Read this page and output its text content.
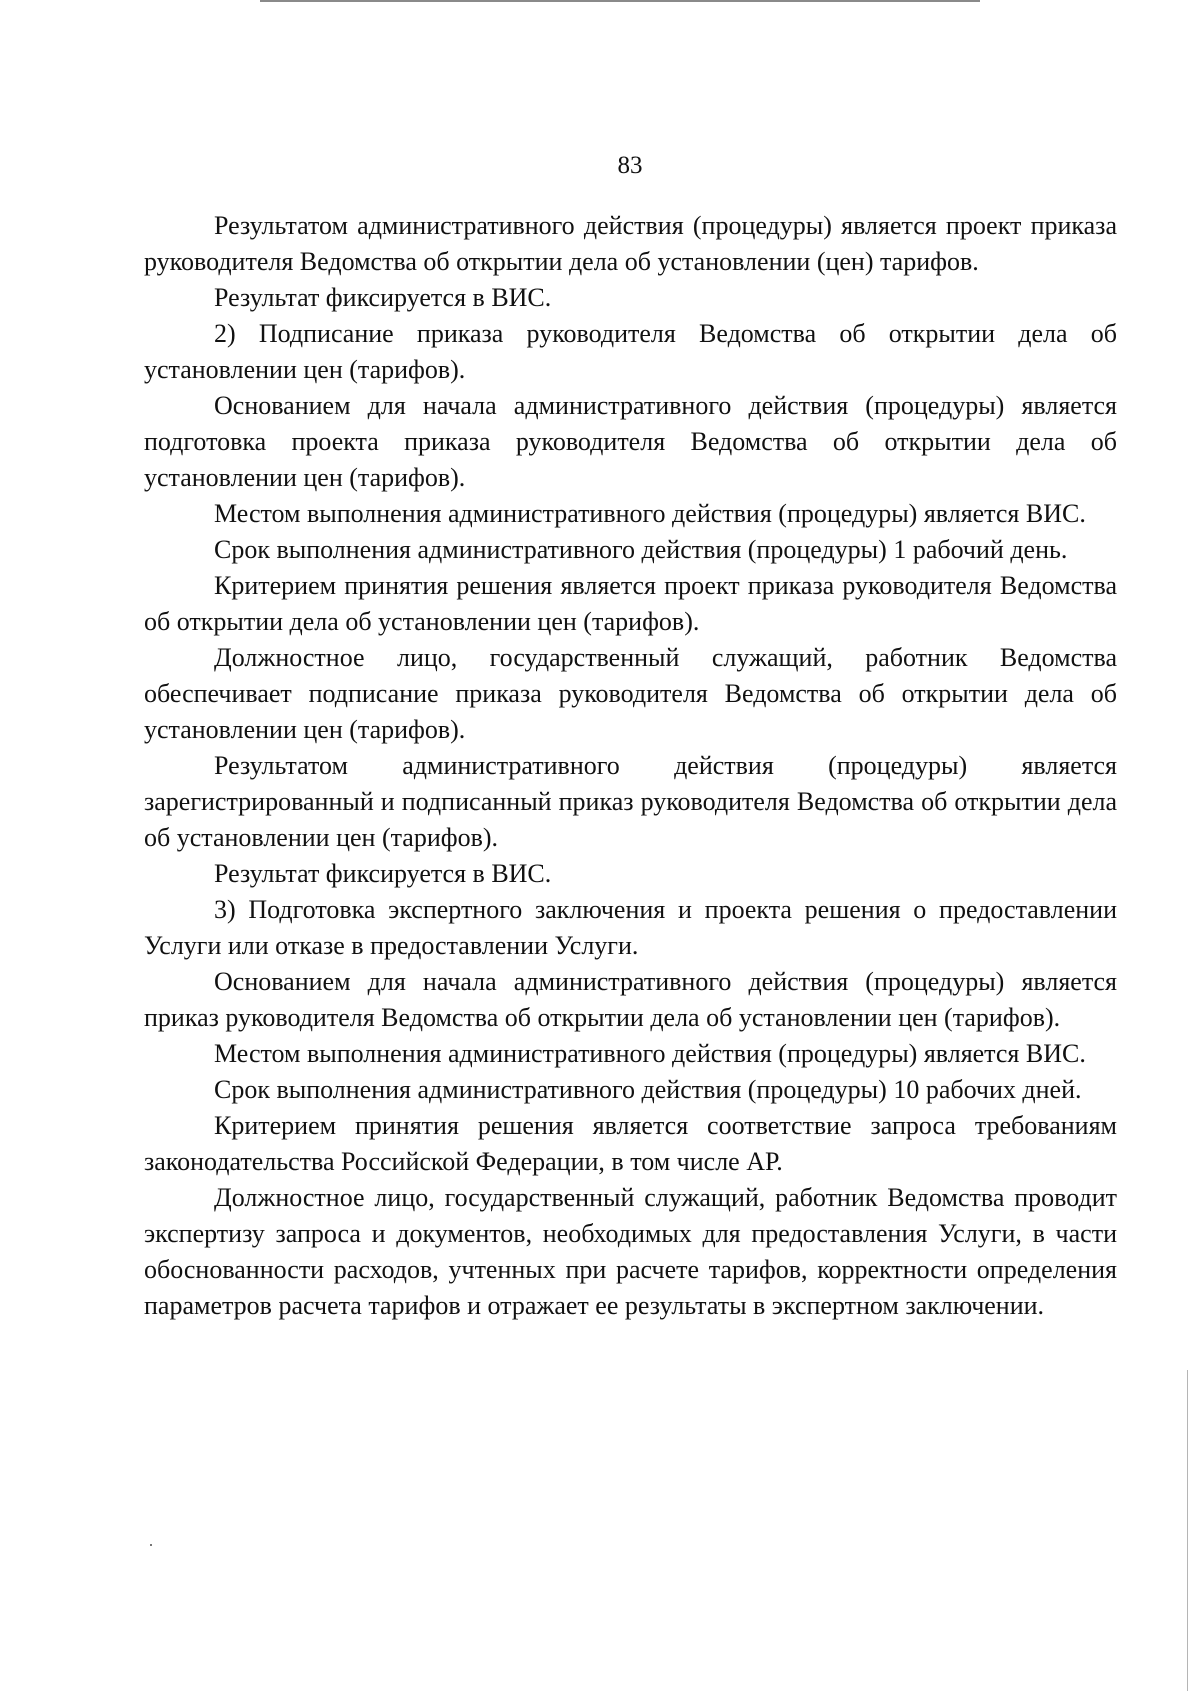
83

Результатом административного действия (процедуры) является проект приказа руководителя Ведомства об открытии дела об установлении (цен) тарифов.

Результат фиксируется в ВИС.

2) Подписание приказа руководителя Ведомства об открытии дела об установлении цен (тарифов).

Основанием для начала административного действия (процедуры) является подготовка проекта приказа руководителя Ведомства об открытии дела об установлении цен (тарифов).

Местом выполнения административного действия (процедуры) является ВИС.

Срок выполнения административного действия (процедуры) 1 рабочий день.

Критерием принятия решения является проект приказа руководителя Ведомства об открытии дела об установлении цен (тарифов).

Должностное лицо, государственный служащий, работник Ведомства обеспечивает подписание приказа руководителя Ведомства об открытии дела об установлении цен (тарифов).

Результатом административного действия (процедуры) является зарегистрированный и подписанный приказ руководителя Ведомства об открытии дела об установлении цен (тарифов).

Результат фиксируется в ВИС.

3) Подготовка экспертного заключения и проекта решения о предоставлении Услуги или отказе в предоставлении Услуги.

Основанием для начала административного действия (процедуры) является приказ руководителя Ведомства об открытии дела об установлении цен (тарифов).

Местом выполнения административного действия (процедуры) является ВИС.

Срок выполнения административного действия (процедуры) 10 рабочих дней.

Критерием принятия решения является соответствие запроса требованиям законодательства Российской Федерации, в том числе АР.

Должностное лицо, государственный служащий, работник Ведомства проводит экспертизу запроса и документов, необходимых для предоставления Услуги, в части обоснованности расходов, учтенных при расчете тарифов, корректности определения параметров расчета тарифов и отражает ее результаты в экспертном заключении.
